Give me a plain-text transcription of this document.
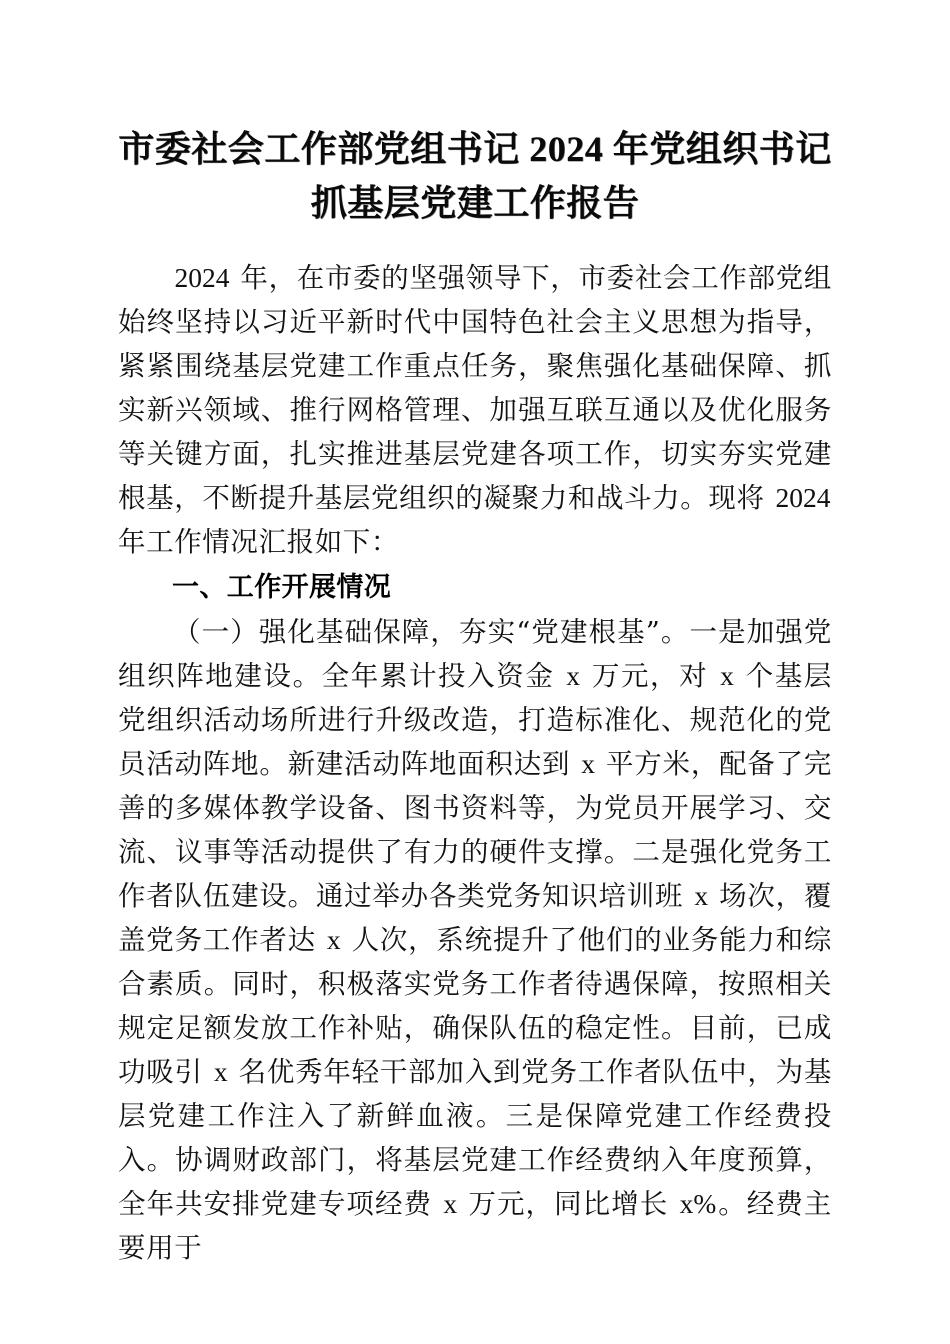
市委社会工作部党组书记 2024 年党组织书记
抓基层党建工作报告

2024 年，在市委的坚强领导下，市委社会工作部党组始终坚持以习近平新时代中国特色社会主义思想为指导，紧紧围绕基层党建工作重点任务，聚焦强化基础保障、抓实新兴领域、推行网格管理、加强互联互通以及优化服务等关键方面，扎实推进基层党建各项工作，切实夯实党建根基，不断提升基层党组织的凝聚力和战斗力。现将 2024 年工作情况汇报如下：

一、工作开展情况

（一）强化基础保障，夯实“党建根基”。一是加强党组织阵地建设。全年累计投入资金 x 万元，对 x 个基层党组织活动场所进行升级改造，打造标准化、规范化的党员活动阵地。新建活动阵地面积达到 x 平方米，配备了完善的多媒体教学设备、图书资料等，为党员开展学习、交流、议事等活动提供了有力的硬件支撑。二是强化党务工作者队伍建设。通过举办各类党务知识培训班 x 场次，覆盖党务工作者达 x 人次，系统提升了他们的业务能力和综合素质。同时，积极落实党务工作者待遇保障，按照相关规定足额发放工作补贴，确保队伍的稳定性。目前，已成功吸引 x 名优秀年轻干部加入到党务工作者队伍中，为基层党建工作注入了新鲜血液。三是保障党建工作经费投入。协调财政部门，将基层党建工作经费纳入年度预算，全年共安排党建专项经费 x 万元，同比增长 x%。经费主要用于
